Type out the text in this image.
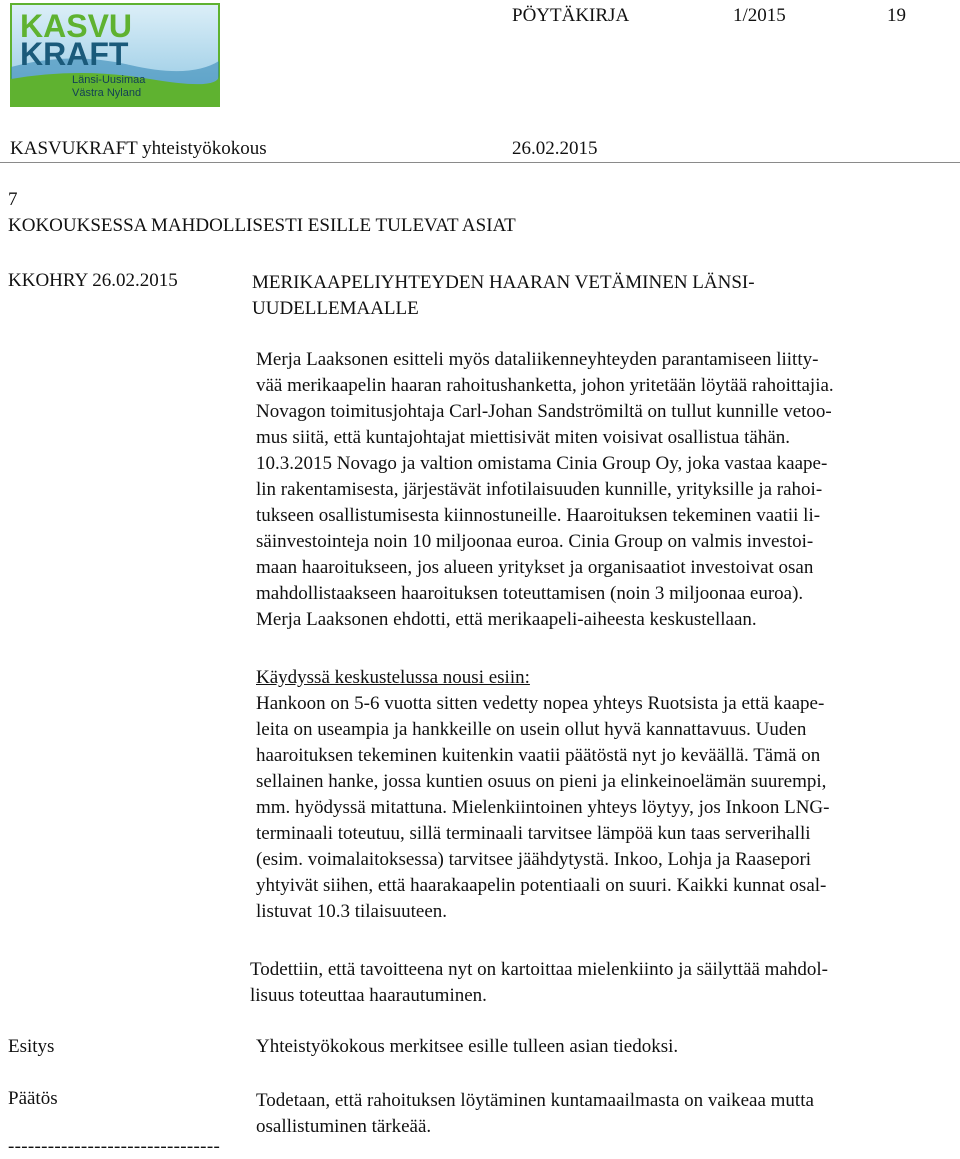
KASVU
KRAFT
Länsi-Uusimaa
Västra Nyland
PÖYTÄKIRJA	1/2015	19
KASVUKRAFT yhteistyökokous	26.02.2015
7
KOKOUKSESSA MAHDOLLISESTI ESILLE TULEVAT ASIAT
KKOHRY 26.02.2015	MERIKAAPELIYHTEYDEN HAARAN VETÄMINEN LÄNSI-
UUDELLEMAALLE
Merja Laaksonen esitteli myös dataliikenneyhteyden parantamiseen liitty-
vää merikaapelin haaran rahoitushanketta, johon yritetään löytää rahoittajia.
Novagon toimitusjohtaja Carl-Johan Sandströmiltä on tullut kunnille vetoo-
mus siitä, että kuntajohtajat miettisivät miten voisivat osallistua tähän.
10.3.2015 Novago ja valtion omistama Cinia Group Oy, joka vastaa kaape-
lin rakentamisesta, järjestävät infotilaisuuden kunnille, yrityksille ja rahoi-
tukseen osallistumisesta kiinnostuneille. Haaroituksen tekeminen vaatii li-
säinvestointeja noin 10 miljoonaa euroa. Cinia Group on valmis investoi-
maan haaroitukseen, jos alueen yritykset ja organisaatiot investoivat osan
mahdollistaakseen haaroituksen toteuttamisen (noin 3 miljoonaa euroa).
Merja Laaksonen ehdotti, että merikaapeli-aiheesta keskustellaan.
Käydyssä keskustelussa nousi esiin:
Hankoon on 5-6 vuotta sitten vedetty nopea yhteys Ruotsista ja että kaape-
leita on useampia ja hankkeille on usein ollut hyvä kannattavuus. Uuden
haaroituksen tekeminen kuitenkin vaatii päätöstä nyt jo keväällä. Tämä on
sellainen hanke, jossa kuntien osuus on pieni ja elinkeinoelämän suurempi,
mm. hyödyssä mitattuna. Mielenkiintoinen yhteys löytyy, jos Inkoon LNG-
terminaali toteutuu, sillä terminaali tarvitsee lämpöä kun taas serverihalli
(esim. voimalaitoksessa) tarvitsee jäähdytystä. Inkoo, Lohja ja Raasepori
yhtyivät siihen, että haarakaapelin potentiaali on suuri. Kaikki kunnat osal-
listuvat 10.3 tilaisuuteen.
Todettiin, että tavoitteena nyt on kartoittaa mielenkiinto ja säilyttää mahdol-
lisuus toteuttaa haarautuminen.
Esitys	Yhteistyökokous merkitsee esille tulleen asian tiedoksi.
Päätös	Todetaan, että rahoituksen löytäminen kuntamaailmasta on vaikeaa mutta
osallistuminen tärkeää.
--------------------------------
